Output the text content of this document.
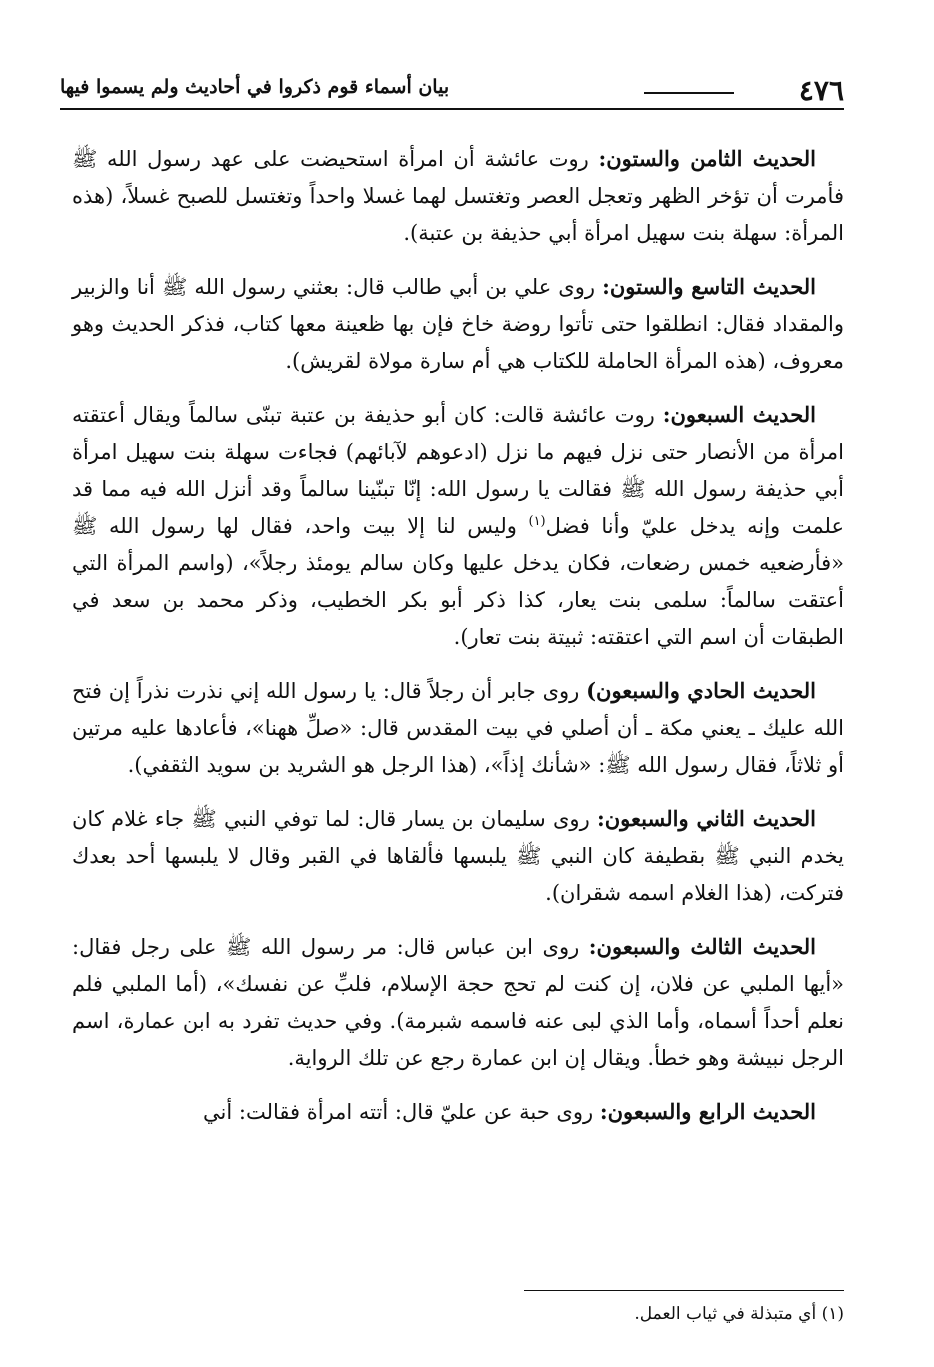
٤٧٦
بيان أسماء قوم ذكروا في أحاديث ولم يسموا فيها

الحديث الثامن والستون: روت عائشة أن امرأة استحيضت على عهد رسول الله ﷺ فأمرت أن تؤخر الظهر وتعجل العصر وتغتسل لهما غسلا واحداً وتغتسل للصبح غسلاً، (هذه المرأة: سهلة بنت سهيل امرأة أبي حذيفة بن عتبة).

الحديث التاسع والستون: روى علي بن أبي طالب قال: بعثني رسول الله ﷺ أنا والزبير والمقداد فقال: انطلقوا حتى تأتوا روضة خاخ فإن بها ظعينة معها كتاب، فذكر الحديث وهو معروف، (هذه المرأة الحاملة للكتاب هي أم سارة مولاة لقريش).

الحديث السبعون: روت عائشة قالت: كان أبو حذيفة بن عتبة تبنّى سالماً ويقال أعتقته امرأة من الأنصار حتى نزل فيهم ما نزل (ادعوهم لآبائهم) فجاءت سهلة بنت سهيل امرأة أبي حذيفة رسول الله ﷺ فقالت يا رسول الله: إنّا تبنّينا سالماً وقد أنزل الله فيه مما قد علمت وإنه يدخل عليّ وأنا فضل$^{(١)}$ وليس لنا إلا بيت واحد، فقال لها رسول الله ﷺ «فأرضعيه خمس رضعات، فكان يدخل عليها وكان سالم يومئذ رجلاً»، (واسم المرأة التي أعتقت سالماً: سلمى بنت يعار، كذا ذكر أبو بكر الخطيب، وذكر محمد بن سعد في الطبقات أن اسم التي اعتقته: ثبيتة بنت تعار).

الحديث الحادي والسبعون) روى جابر أن رجلاً قال: يا رسول الله إني نذرت نذراً إن فتح الله عليك ـ يعني مكة ـ أن أصلي في بيت المقدس قال: «صلِّ ههنا»، فأعادها عليه مرتين أو ثلاثاً، فقال رسول الله ﷺ: «شأنك إذاً»، (هذا الرجل هو الشريد بن سويد الثقفي).

الحديث الثاني والسبعون: روى سليمان بن يسار قال: لما توفي النبي ﷺ جاء غلام كان يخدم النبي ﷺ بقطيفة كان النبي ﷺ يلبسها فألقاها في القبر وقال لا يلبسها أحد بعدك فتركت، (هذا الغلام اسمه شقران).

الحديث الثالث والسبعون: روى ابن عباس قال: مر رسول الله ﷺ على رجل فقال: «أيها الملبي عن فلان، إن كنت لم تحج حجة الإسلام، فلبِّ عن نفسك»، (أما الملبي فلم نعلم أحداً أسماه، وأما الذي لبى عنه فاسمه شبرمة). وفي حديث تفرد به ابن عمارة، اسم الرجل نبيشة وهو خطأ. ويقال إن ابن عمارة رجع عن تلك الرواية.

الحديث الرابع والسبعون: روى حبة عن عليّ قال: أتته امرأة فقالت: أني

(١) أي متبذلة في ثياب العمل.
